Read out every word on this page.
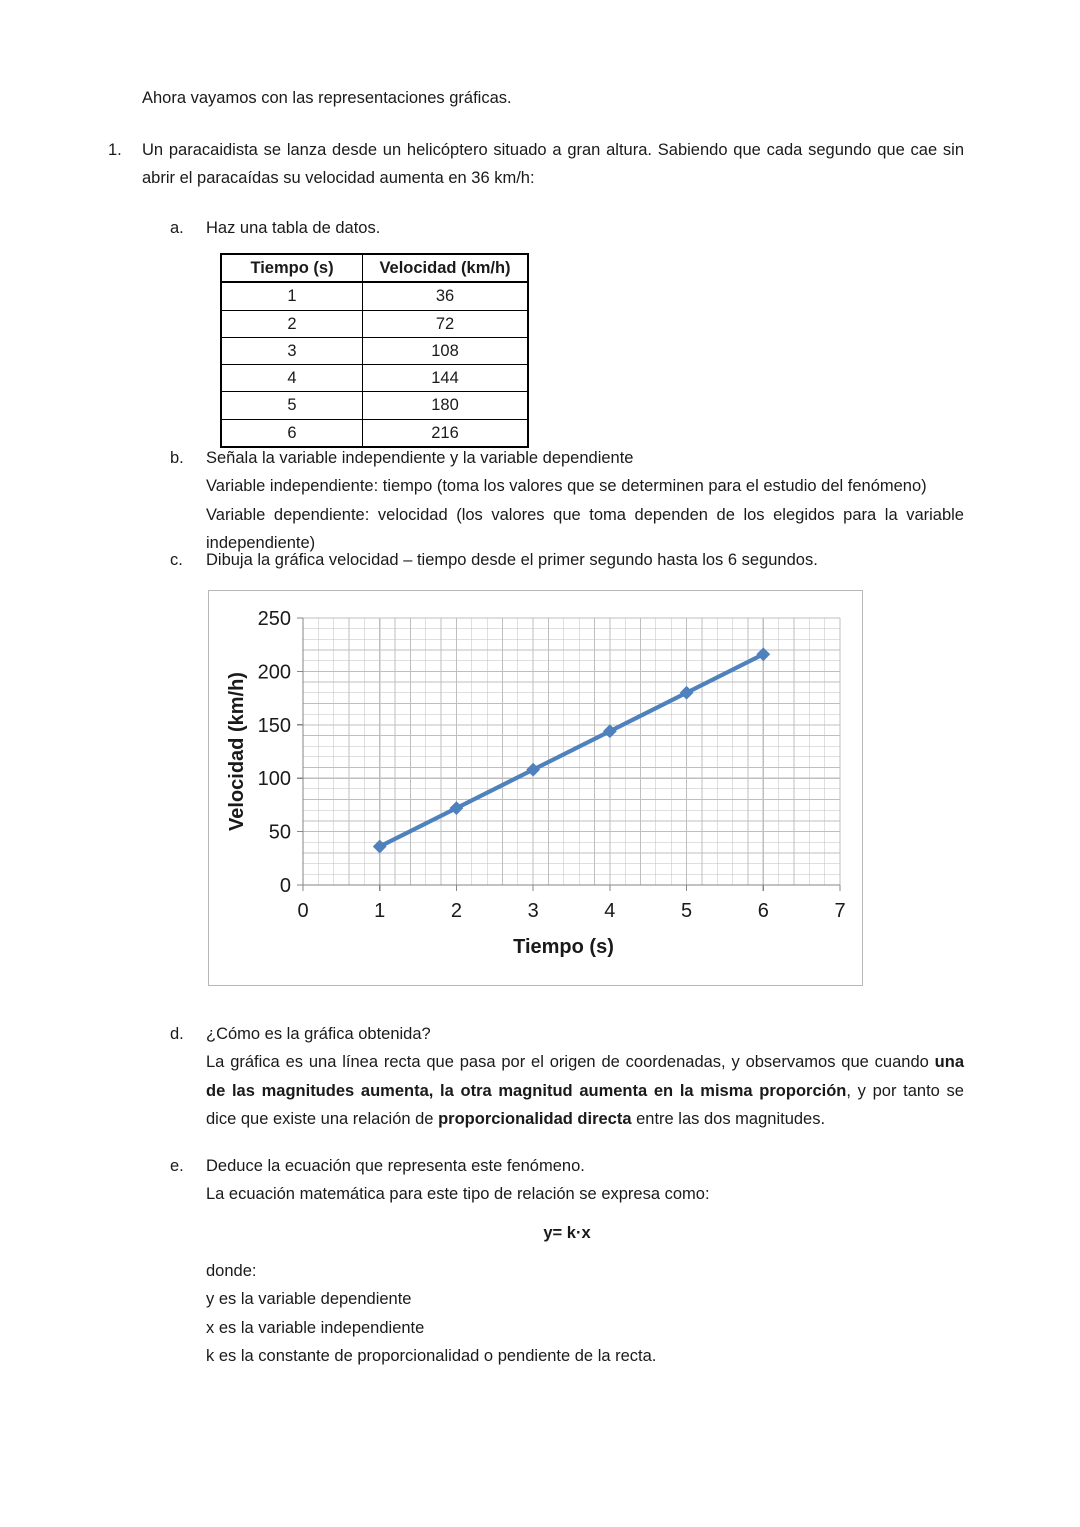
Ahora vayamos con las representaciones gráficas.
1.	Un paracaidista se lanza desde un helicóptero situado a gran altura. Sabiendo que cada segundo que cae sin abrir el paracaídas su velocidad aumenta en 36 km/h:
a.	Haz una tabla de datos.
Tiempo (s)	Velocidad (km/h)
1	36
2	72
3	108
4	144
5	180
6	216
b.	Señala la variable independiente y la variable dependiente
Variable independiente: tiempo (toma los valores que se determinen para el estudio del fenómeno)
Variable dependiente: velocidad (los valores que toma dependen de los elegidos para la variable independiente)
c.	Dibuja la gráfica velocidad – tiempo desde el primer segundo hasta los 6 segundos.
0
50
100
150
200
250
0	1	2	3	4	5	6	7
Tiempo (s)
Velocidad (km/h)
d.	¿Cómo es la gráfica obtenida?
La gráfica es una línea recta que pasa por el origen de coordenadas, y observamos que cuando una de las magnitudes aumenta, la otra magnitud aumenta en la misma proporción, y por tanto se dice que existe una relación de proporcionalidad directa entre las dos magnitudes.
e.	Deduce la ecuación que representa este fenómeno.
La ecuación matemática para este tipo de relación se expresa como:
donde:
y es la variable dependiente
x es la variable independiente
k es la constante de proporcionalidad o pendiente de la recta.
y= k·x
